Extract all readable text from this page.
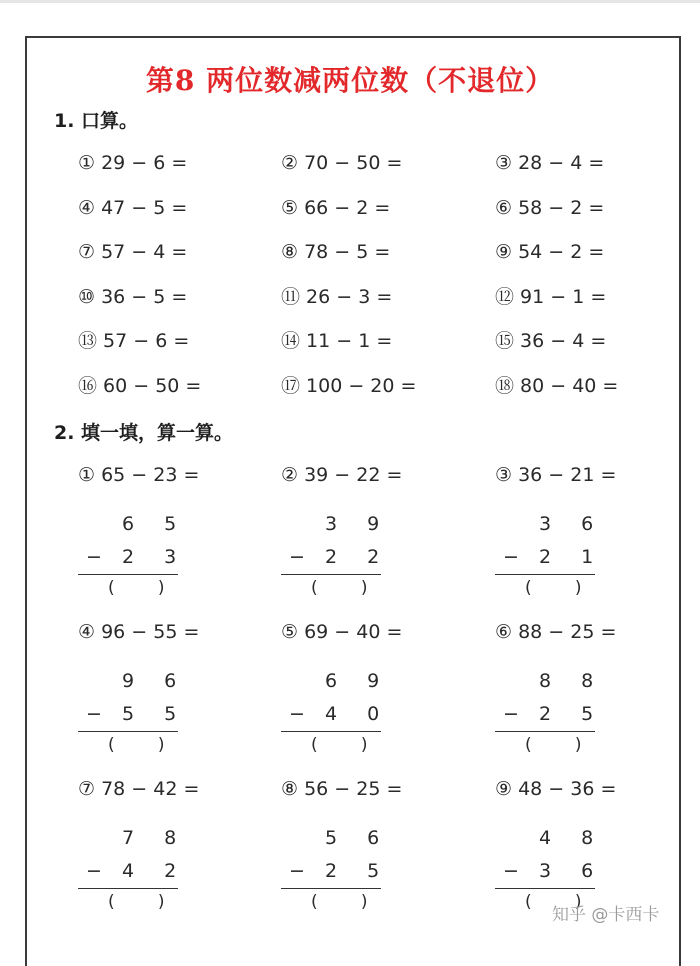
第8 两位数减两位数（不退位）
1. 口算。
① 29 − 6 =	② 70 − 50 =	③ 28 − 4 =
④ 47 − 5 =	⑤ 66 − 2 =	⑥ 58 − 2 =
⑦ 57 − 4 =	⑧ 78 − 5 =	⑨ 54 − 2 =
⑩ 36 − 5 =	⑪ 26 − 3 =	⑫ 91 − 1 =
⑬ 57 − 6 =	⑭ 11 − 1 =	⑮ 36 − 4 =
⑯ 60 − 50 =	⑰ 100 − 20 =	⑱ 80 − 40 =
2. 填一填，算一算。
① 65 − 23 =
6 5
− 2 3
(        )
② 39 − 22 =
3 9
− 2 2
(        )
③ 36 − 21 =
3 6
− 2 1
(        )
④ 96 − 55 =
9 6
− 5 5
(        )
⑤ 69 − 40 =
6 9
− 4 0
(        )
⑥ 88 − 25 =
8 8
− 2 5
(        )
⑦ 78 − 42 =
7 8
− 4 2
(        )
⑧ 56 − 25 =
5 6
− 2 5
(        )
⑨ 48 − 36 =
4 8
− 3 6
(        )
知乎 @卡西卡
